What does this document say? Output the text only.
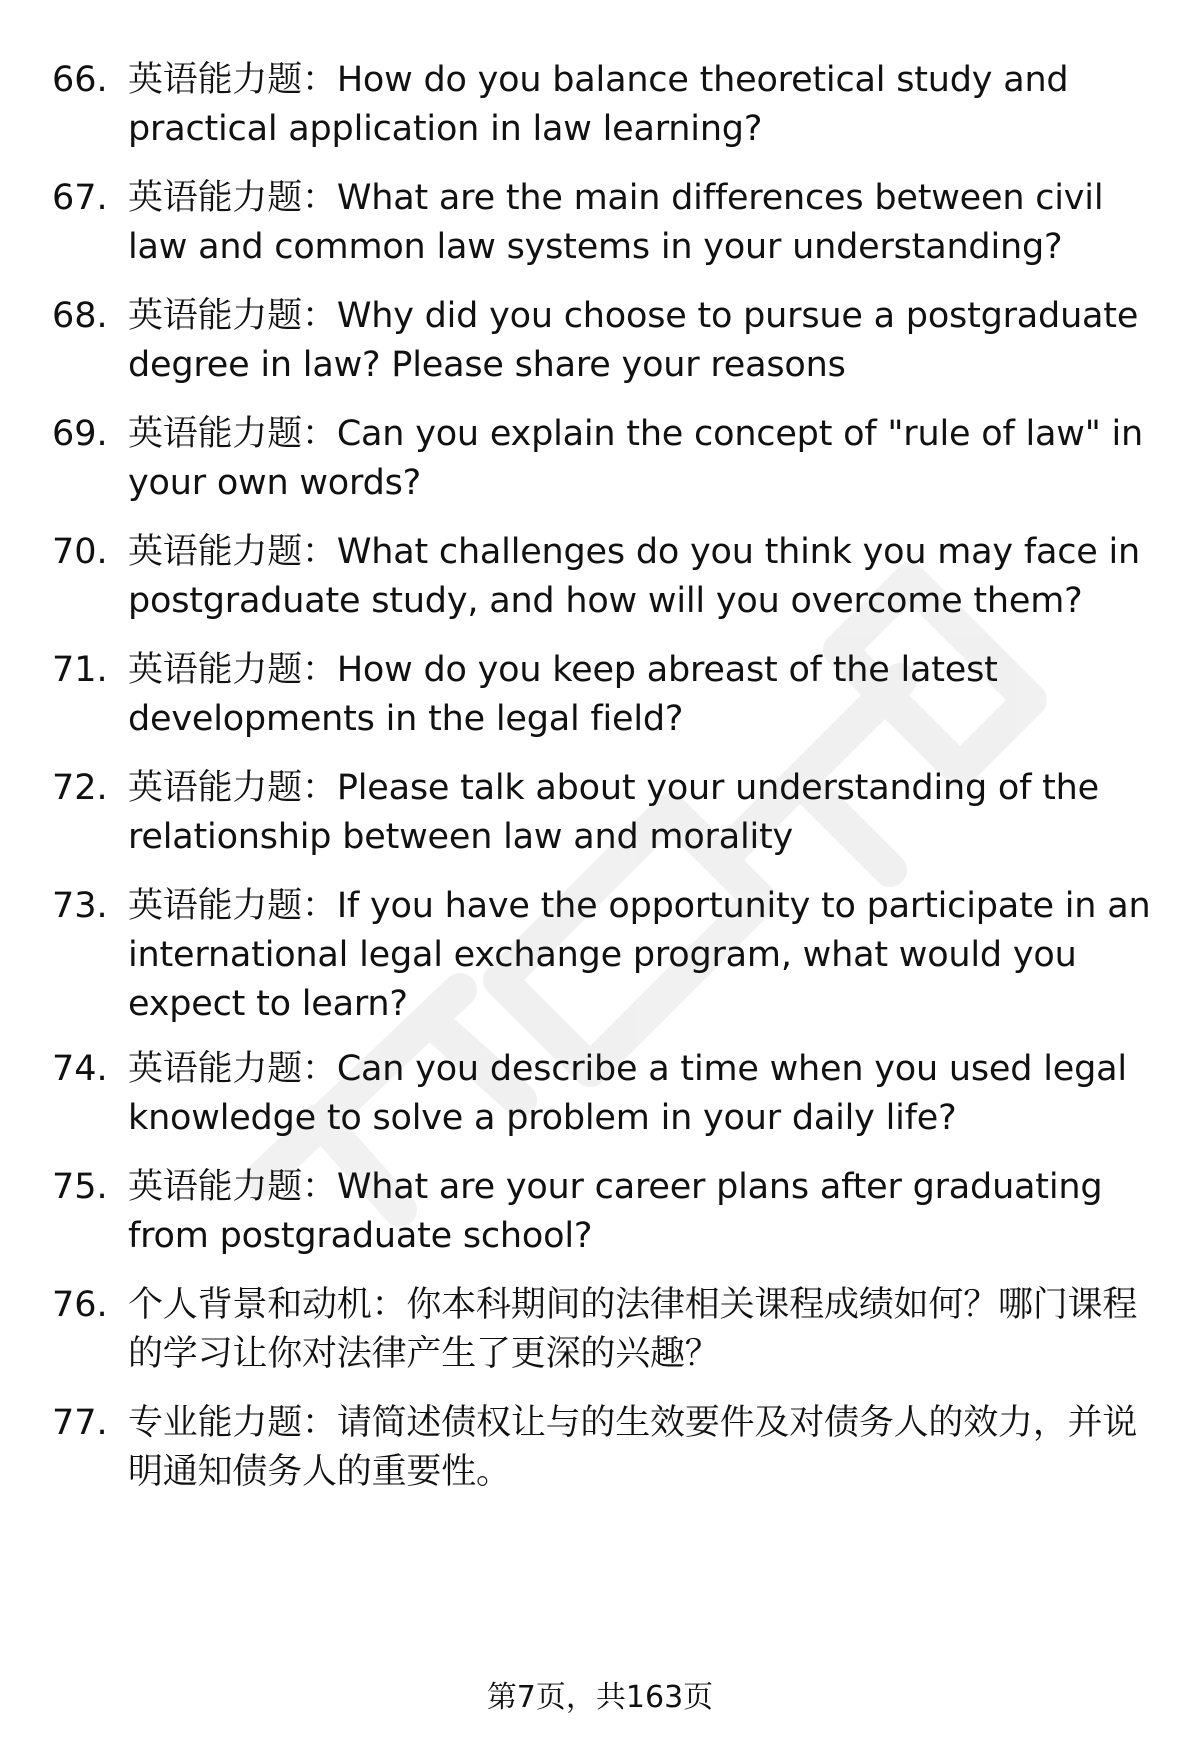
66. 英语能力题：How do you balance theoretical study and practical application in law learning?
67. 英语能力题：What are the main differences between civil law and common law systems in your understanding?
68. 英语能力题：Why did you choose to pursue a postgraduate degree in law? Please share your reasons
69. 英语能力题：Can you explain the concept of "rule of law" in your own words?
70. 英语能力题：What challenges do you think you may face in postgraduate study, and how will you overcome them?
71. 英语能力题：How do you keep abreast of the latest developments in the legal field?
72. 英语能力题：Please talk about your understanding of the relationship between law and morality
73. 英语能力题：If you have the opportunity to participate in an international legal exchange program, what would you expect to learn?
74. 英语能力题：Can you describe a time when you used legal knowledge to solve a problem in your daily life?
75. 英语能力题：What are your career plans after graduating from postgraduate school?
76. 个人背景和动机：你本科期间的法律相关课程成绩如何？哪门课程的学习让你对法律产生了更深的兴趣？
77. 专业能力题：请简述债权让与的生效要件及对债务人的效力，并说明通知债务人的重要性。
第7页，共163页
